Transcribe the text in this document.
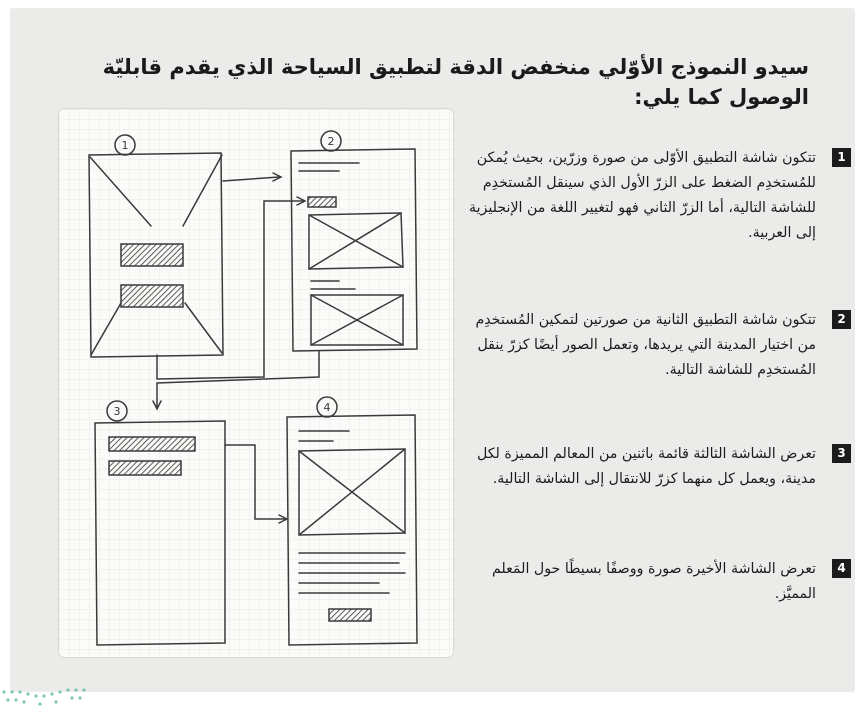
سيدو النموذج الأوّلي منخفض الدقة لتطبيق السياحة الذي يقدم قابليّة الوصول كما يلي:
1	2
3	4
1
تتكون شاشة التطبيق الأوّلى من صورة وزرّين، بحيث يُمكن للمُستخدِم الضغط على الزرّ الأول الذي سينقل المُستخدِم للشاشة التالية، أما الزرّ الثاني فهو لتغيير اللغة من الإنجليزية إلى العربية.
2
تتكون شاشة التطبيق الثانية من صورتين لتمكين المُستخدِم من اختيار المدينة التي يريدها، وتعمل الصور أيضًا كزرّ ينقل المُستخدِم للشاشة التالية.
3
تعرض الشاشة الثالثة قائمة باثنين من المعالم المميزة لكل مدينة، ويعمل كل منهما كزرّ للانتقال إلى الشاشة التالية.
4
تعرض الشاشة الأخيرة صورة ووصفًا بسيطًا حول المَعلم المميَّز.
